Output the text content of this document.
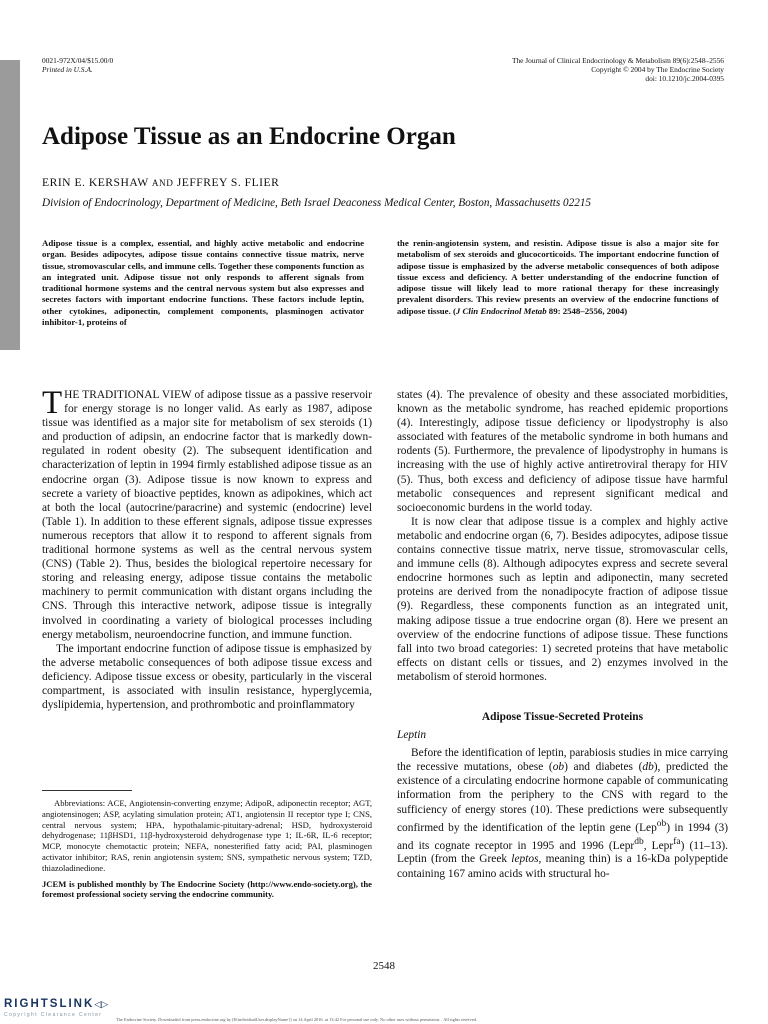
0021-972X/04/$15.00/0
Printed in U.S.A.
The Journal of Clinical Endocrinology & Metabolism 89(6):2548–2556
Copyright © 2004 by The Endocrine Society
doi: 10.1210/jc.2004-0395
Adipose Tissue as an Endocrine Organ
ERIN E. KERSHAW AND JEFFREY S. FLIER
Division of Endocrinology, Department of Medicine, Beth Israel Deaconess Medical Center, Boston, Massachusetts 02215
Adipose tissue is a complex, essential, and highly active metabolic and endocrine organ. Besides adipocytes, adipose tissue contains connective tissue matrix, nerve tissue, stromovascular cells, and immune cells. Together these components function as an integrated unit. Adipose tissue not only responds to afferent signals from traditional hormone systems and the central nervous system but also expresses and secretes factors with important endocrine functions. These factors include leptin, other cytokines, adiponectin, complement components, plasminogen activator inhibitor-1, proteins of
the renin-angiotensin system, and resistin. Adipose tissue is also a major site for metabolism of sex steroids and glucocorticoids. The important endocrine function of adipose tissue is emphasized by the adverse metabolic consequences of both adipose tissue excess and deficiency. A better understanding of the endocrine function of adipose tissue will likely lead to more rational therapy for these increasingly prevalent disorders. This review presents an overview of the endocrine functions of adipose tissue. (J Clin Endocrinol Metab 89: 2548–2556, 2004)

THE TRADITIONAL VIEW of adipose tissue as a passive reservoir for energy storage is no longer valid. As early as 1987, adipose tissue was identified as a major site for metabolism of sex steroids (1) and production of adipsin, an endocrine factor that is markedly down-regulated in rodent obesity (2). The subsequent identification and characterization of leptin in 1994 firmly established adipose tissue as an endocrine organ (3). Adipose tissue is now known to express and secrete a variety of bioactive peptides, known as adipokines, which act at both the local (autocrine/paracrine) and systemic (endocrine) level (Table 1). In addition to these efferent signals, adipose tissue expresses numerous receptors that allow it to respond to afferent signals from traditional hormone systems as well as the central nervous system (CNS) (Table 2). Thus, besides the biological repertoire necessary for storing and releasing energy, adipose tissue contains the metabolic machinery to permit communication with distant organs including the CNS. Through this interactive network, adipose tissue is integrally involved in coordinating a variety of biological processes including energy metabolism, neuroendocrine function, and immune function.

The important endocrine function of adipose tissue is emphasized by the adverse metabolic consequences of both adipose tissue excess and deficiency. Adipose tissue excess or obesity, particularly in the visceral compartment, is associated with insulin resistance, hyperglycemia, dyslipidemia, hypertension, and prothrombotic and proinflammatory

states (4). The prevalence of obesity and these associated morbidities, known as the metabolic syndrome, has reached epidemic proportions (4). Interestingly, adipose tissue deficiency or lipodystrophy is also associated with features of the metabolic syndrome in both humans and rodents (5). Furthermore, the prevalence of lipodystrophy in humans is increasing with the use of highly active antiretroviral therapy for HIV (5). Thus, both excess and deficiency of adipose tissue have harmful metabolic consequences and represent significant medical and socioeconomic burdens in the world today.

It is now clear that adipose tissue is a complex and highly active metabolic and endocrine organ (6, 7). Besides adipocytes, adipose tissue contains connective tissue matrix, nerve tissue, stromovascular cells, and immune cells (8). Although adipocytes express and secrete several endocrine hormones such as leptin and adiponectin, many secreted proteins are derived from the nonadipocyte fraction of adipose tissue (9). Regardless, these components function as an integrated unit, making adipose tissue a true endocrine organ (8). Here we present an overview of the endocrine functions of adipose tissue. These functions fall into two broad categories: 1) secreted proteins that have metabolic effects on distant cells or tissues, and 2) enzymes involved in the metabolism of steroid hormones.

Adipose Tissue-Secreted Proteins
Leptin

Before the identification of leptin, parabiosis studies in mice carrying the recessive mutations, obese (ob) and diabetes (db), predicted the existence of a circulating endocrine hormone capable of communicating information from the periphery to the CNS with regard to the sufficiency of energy stores (10). These predictions were subsequently confirmed by the identification of the leptin gene (Lep$^{ob}$) in 1994 (3) and its cognate receptor in 1995 and 1996 (Lepr$^{db}$, Lepr$^{fa}$) (11–13). Leptin (from the Greek leptos, meaning thin) is a 16-kDa polypeptide containing 167 amino acids with structural ho-

Abbreviations: ACE, Angiotensin-converting enzyme; AdipoR, adiponectin receptor; AGT, angiotensinogen; ASP, acylating simulation protein; AT1, angiotensin II receptor type I; CNS, central nervous system; HPA, hypothalamic-pituitary-adrenal; HSD, hydroxysteroid dehydrogenase; 11βHSD1, 11β-hydroxysteroid dehydrogenase type 1; IL-6R, IL-6 receptor; MCP, monocyte chemotactic protein; NEFA, nonesterified fatty acid; PAI, plasminogen activator inhibitor; RAS, renin angiotensin system; SNS, sympathetic nervous system; TZD, thiazoladinedione.

JCEM is published monthly by The Endocrine Society (http://www.endo-society.org), the foremost professional society serving the endocrine community.

2548
RIGHTSLINK◁▷
Copyright Clearance Center
The Endocrine Society. Downloaded from press.endocrine.org by [${individualUser.displayName}] on 14 April 2016. at 13:42 For personal use only. No other uses without permission. . All rights reserved.
